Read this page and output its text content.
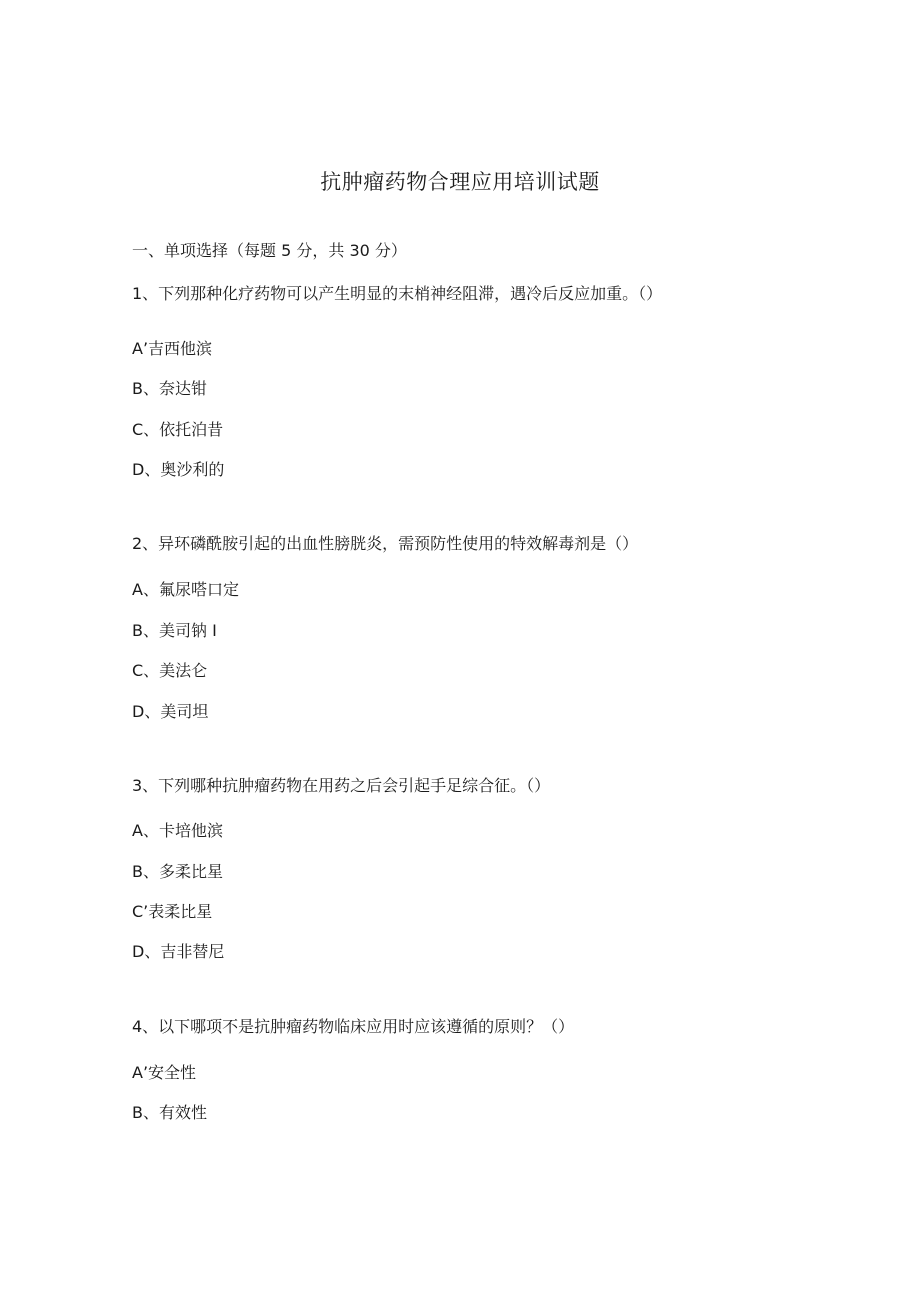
抗肿瘤药物合理应用培训试题
一、单项选择（每题 5 分，共 30 分）
1、下列那种化疗药物可以产生明显的末梢神经阻滞，遇冷后反应加重。（）
A’吉西他滨
B、奈达钳
C、依托泊昔
D、奥沙利的
2、异环磷酰胺引起的出血性膀胱炎，需预防性使用的特效解毒剂是（）
A、氟尿嗒口定
B、美司钠 I
C、美法仑
D、美司坦
3、下列哪种抗肿瘤药物在用药之后会引起手足综合征。（）
A、卡培他滨
B、多柔比星
C’表柔比星
D、吉非替尼
4、以下哪项不是抗肿瘤药物临床应用时应该遵循的原则？（）
A’安全性
B、有效性
